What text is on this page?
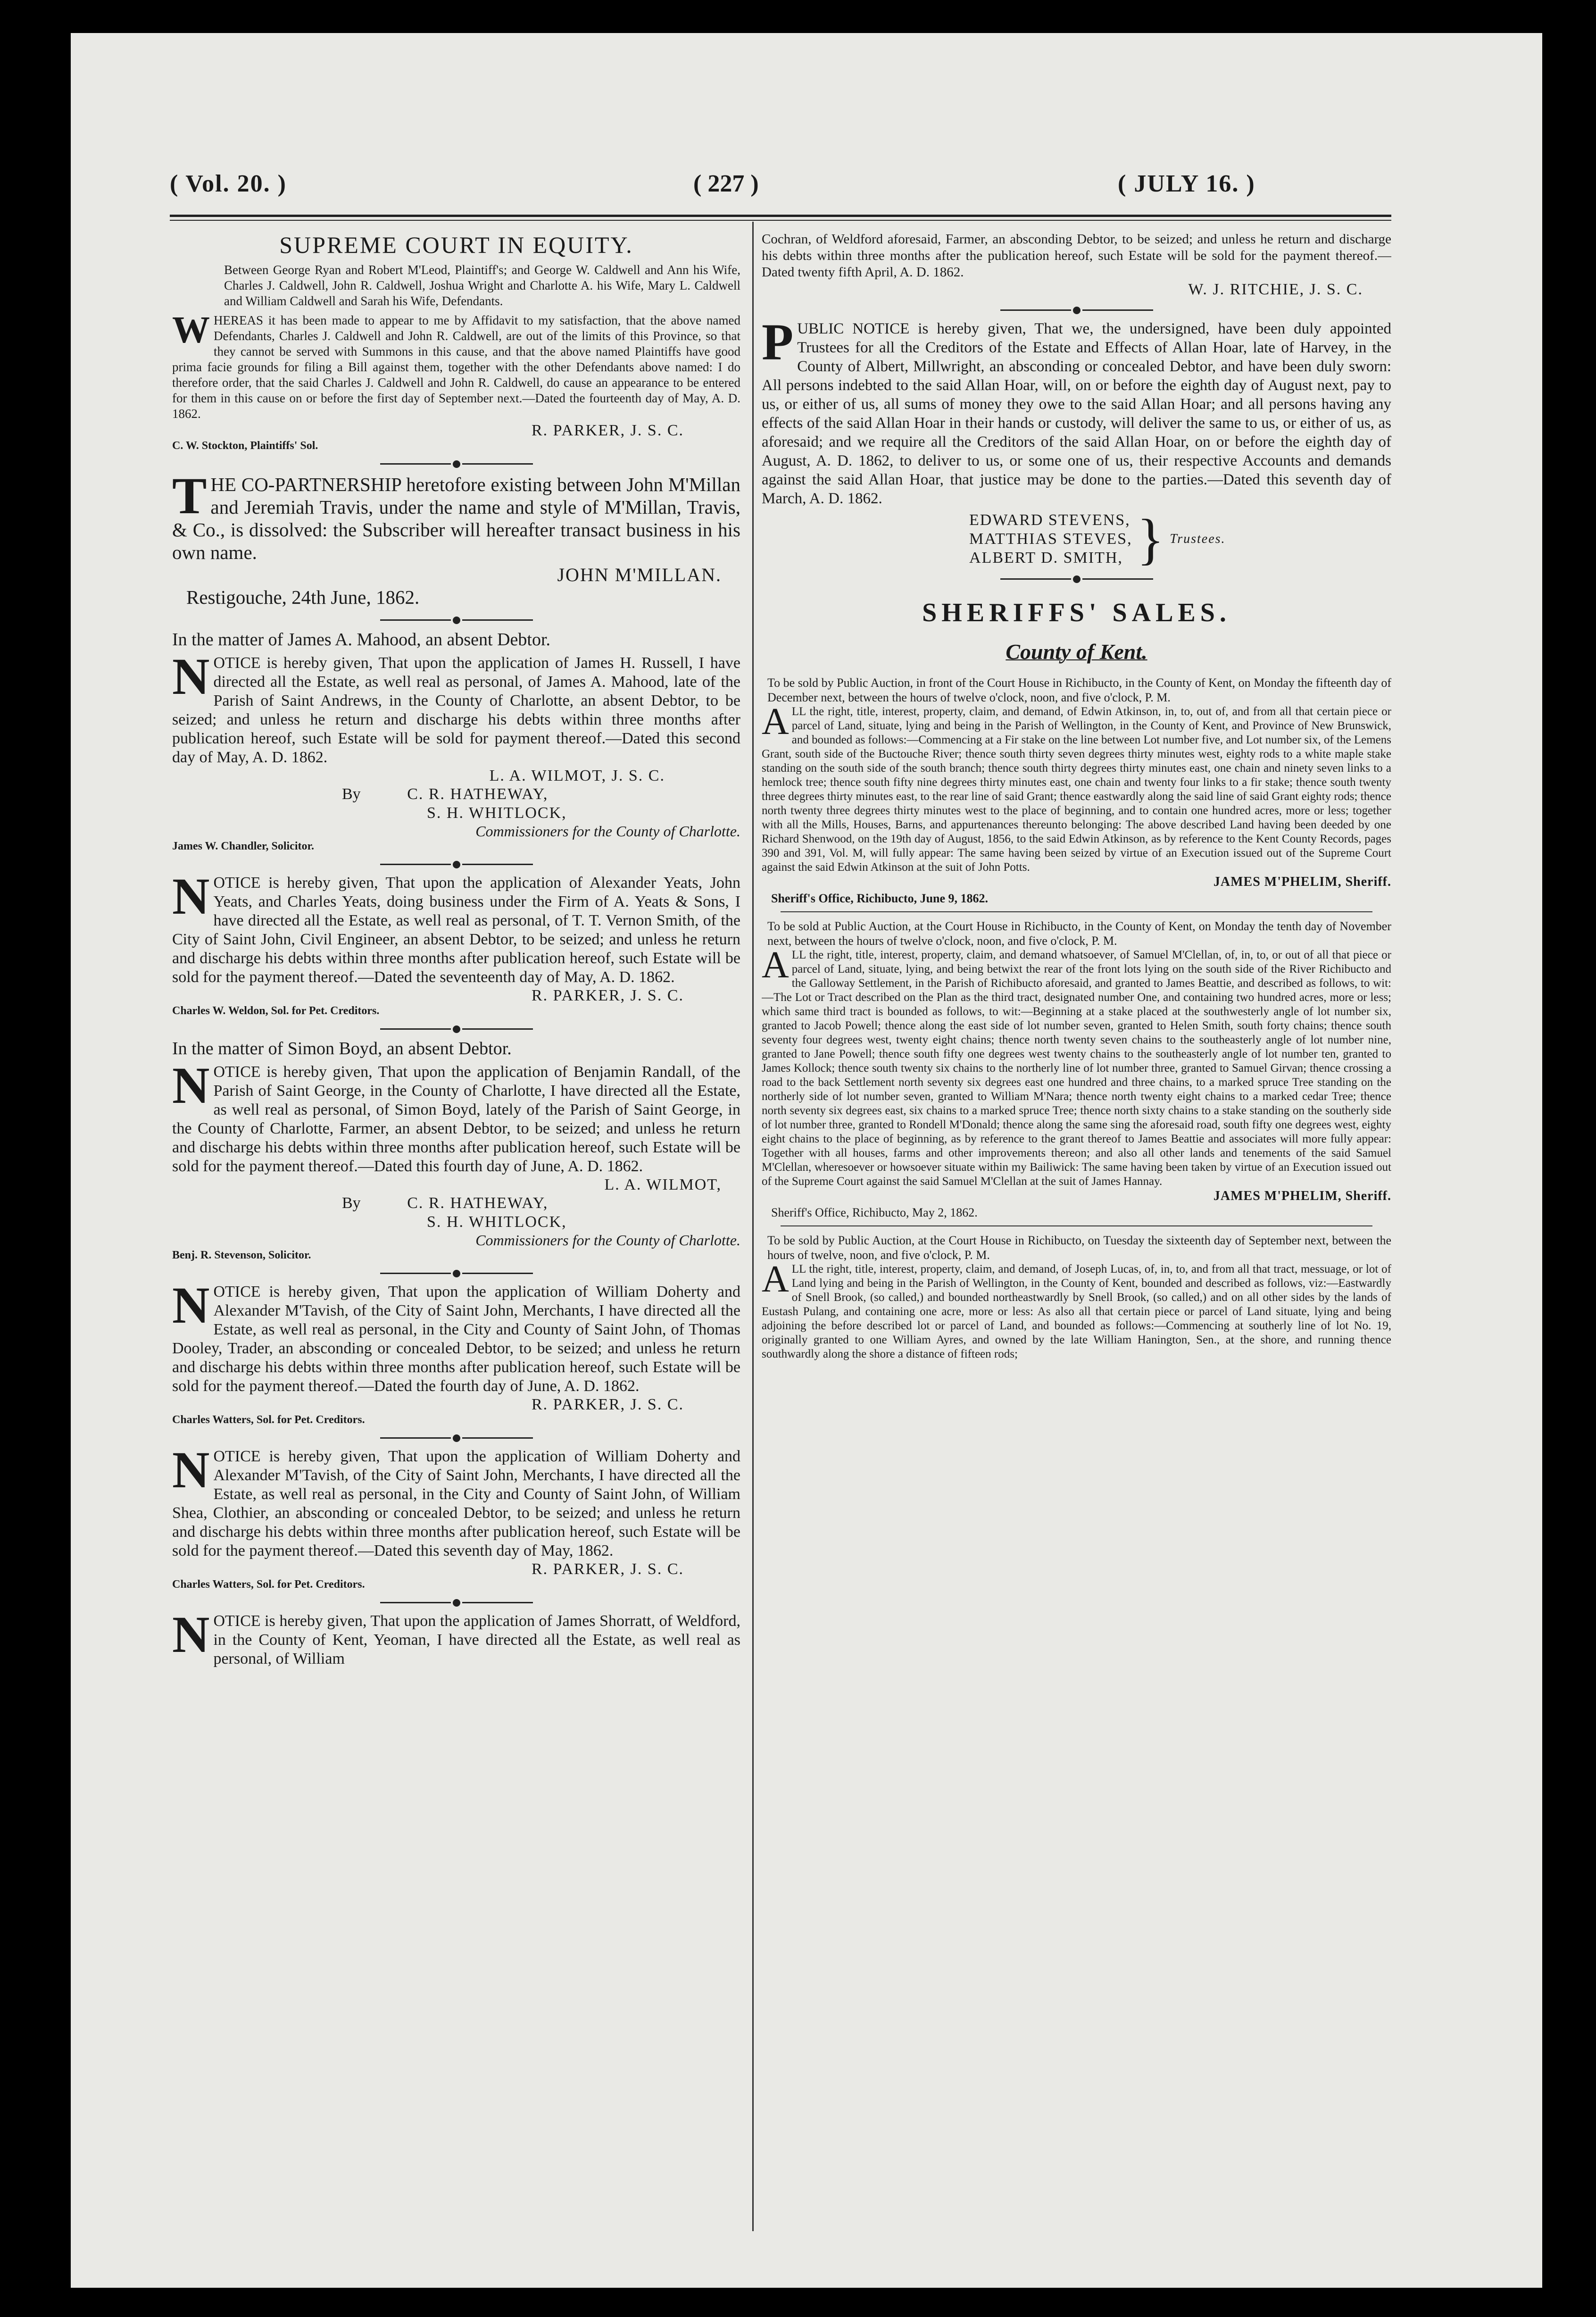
( Vol. 20. )	( 227 )	( JULY 16. )
SUPREME COURT IN EQUITY.
Between George Ryan and Robert M'Leod, Plaintiff's; and George W. Caldwell and Ann his Wife, Charles J. Caldwell, John R. Caldwell, Joshua Wright and Charlotte A. his Wife, Mary L. Caldwell and William Caldwell and Sarah his Wife, Defendants.
W HEREAS it has been made to appear to me by Affidavit to my satisfaction, that the above named Defendants, Charles J. Caldwell and John R. Caldwell, are out of the limits of this Province, so that they cannot be served with Summons in this cause, and that the above named Plaintiffs have good prima facie grounds for filing a Bill against them, together with the other Defendants above named: I do therefore order, that the said Charles J. Caldwell and John R. Caldwell, do cause an appearance to be entered for them in this cause on or before the first day of September next.—Dated the fourteenth day of May, A. D. 1862.
R. PARKER, J. S. C.
C. W. Stockton, Plaintiffs' Sol.
T HE CO-PARTNERSHIP heretofore existing between John M'Millan and Jeremiah Travis, under the name and style of M'Millan, Travis, & Co., is dissolved: the Subscriber will hereafter transact business in his own name.
JOHN M'MILLAN.
Restigouche, 24th June, 1862.
In the matter of James A. Mahood, an absent Debtor.
N OTICE is hereby given, That upon the application of James H. Russell, I have directed all the Estate, as well real as personal, of James A. Mahood, late of the Parish of Saint Andrews, in the County of Charlotte, an absent Debtor, to be seized; and unless he return and discharge his debts within three months after publication hereof, such Estate will be sold for payment thereof.—Dated this second day of May, A. D. 1862.
L. A. WILMOT, J. S. C.
By	C. R. HATHEWAY,
S. H. WHITLOCK,
Commissioners for the County of Charlotte.
James W. Chandler, Solicitor.
N OTICE is hereby given, That upon the application of Alexander Yeats, John Yeats, and Charles Yeats, doing business under the Firm of A. Yeats & Sons, I have directed all the Estate, as well real as personal, of T. T. Vernon Smith, of the City of Saint John, Civil Engineer, an absent Debtor, to be seized; and unless he return and discharge his debts within three months after publication hereof, such Estate will be sold for the payment thereof.—Dated the seventeenth day of May, A. D. 1862.
R. PARKER, J. S. C.
Charles W. Weldon, Sol. for Pet. Creditors.
In the matter of Simon Boyd, an absent Debtor.
N OTICE is hereby given, That upon the application of Benjamin Randall, of the Parish of Saint George, in the County of Charlotte, I have directed all the Estate, as well real as personal, of Simon Boyd, lately of the Parish of Saint George, in the County of Charlotte, Farmer, an absent Debtor, to be seized; and unless he return and discharge his debts within three months after publication hereof, such Estate will be sold for the payment thereof.—Dated this fourth day of June, A. D. 1862.
L. A. WILMOT,
By	C. R. HATHEWAY,
S. H. WHITLOCK,
Commissioners for the County of Charlotte.
Benj. R. Stevenson, Solicitor.
N OTICE is hereby given, That upon the application of William Doherty and Alexander M'Tavish, of the City of Saint John, Merchants, I have directed all the Estate, as well real as personal, in the City and County of Saint John, of Thomas Dooley, Trader, an absconding or concealed Debtor, to be seized; and unless he return and discharge his debts within three months after publication hereof, such Estate will be sold for the payment thereof.—Dated the fourth day of June, A. D. 1862.
R. PARKER, J. S. C.
Charles Watters, Sol. for Pet. Creditors.
N OTICE is hereby given, That upon the application of William Doherty and Alexander M'Tavish, of the City of Saint John, Merchants, I have directed all the Estate, as well real as personal, in the City and County of Saint John, of William Shea, Clothier, an absconding or concealed Debtor, to be seized; and unless he return and discharge his debts within three months after publication hereof, such Estate will be sold for the payment thereof.—Dated this seventh day of May, 1862.
R. PARKER, J. S. C.
Charles Watters, Sol. for Pet. Creditors.
N OTICE is hereby given, That upon the application of James Shorratt, of Weldford, in the County of Kent, Yeoman, I have directed all the Estate, as well real as personal, of William
Cochran, of Weldford aforesaid, Farmer, an absconding Debtor, to be seized; and unless he return and discharge his debts within three months after the publication hereof, such Estate will be sold for the payment thereof.—Dated twenty fifth April, A. D. 1862.
W. J. RITCHIE, J. S. C.
P UBLIC NOTICE is hereby given, That we, the undersigned, have been duly appointed Trustees for all the Creditors of the Estate and Effects of Allan Hoar, late of Harvey, in the County of Albert, Millwright, an absconding or concealed Debtor, and have been duly sworn: All persons indebted to the said Allan Hoar, will, on or before the eighth day of August next, pay to us, or either of us, all sums of money they owe to the said Allan Hoar; and all persons having any effects of the said Allan Hoar in their hands or custody, will deliver the same to us, or either of us, as aforesaid; and we require all the Creditors of the said Allan Hoar, on or before the eighth day of August, A. D. 1862, to deliver to us, or some one of us, their respective Accounts and demands against the said Allan Hoar, that justice may be done to the parties.—Dated this seventh day of March, A. D. 1862.
EDWARD STEVENS,
MATTHIAS STEVES,
ALBERT D. SMITH, } Trustees.
SHERIFFS' SALES.
County of Kent.
To be sold by Public Auction, in front of the Court House in Richibucto, in the County of Kent, on Monday the fifteenth day of December next, between the hours of twelve o'clock, noon, and five o'clock, P. M.
A LL the right, title, interest, property, claim, and demand, of Edwin Atkinson, in, to, out of, and from all that certain piece or parcel of Land, situate, lying and being in the Parish of Wellington, in the County of Kent, and Province of New Brunswick, and bounded as follows:—Commencing at a Fir stake on the line between Lot number five, and Lot number six, of the Lemens Grant, south side of the Buctouche River; thence south thirty seven degrees thirty minutes west, eighty rods to a white maple stake standing on the south side of the south branch; thence south thirty degrees thirty minutes east, one chain and ninety seven links to a hemlock tree; thence south fifty nine degrees thirty minutes east, one chain and twenty four links to a fir stake; thence south twenty three degrees thirty minutes east, to the rear line of said Grant; thence eastwardly along the said line of said Grant eighty rods; thence north twenty three degrees thirty minutes west to the place of beginning, and to contain one hundred acres, more or less; together with all the Mills, Houses, Barns, and appurtenances thereunto belonging: The above described Land having been deeded by one Richard Shenwood, on the 19th day of August, 1856, to the said Edwin Atkinson, as by reference to the Kent County Records, pages 390 and 391, Vol. M, will fully appear: The same having been seized by virtue of an Execution issued out of the Supreme Court against the said Edwin Atkinson at the suit of John Potts.
JAMES M'PHELIM, Sheriff.
Sheriff's Office, Richibucto, June 9, 1862.
To be sold at Public Auction, at the Court House in Richibucto, in the County of Kent, on Monday the tenth day of November next, between the hours of twelve o'clock, noon, and five o'clock, P. M.
A LL the right, title, interest, property, claim, and demand whatsoever, of Samuel M'Clellan, of, in, to, or out of all that piece or parcel of Land, situate, lying, and being betwixt the rear of the front lots lying on the south side of the River Richibucto and the Galloway Settlement, in the Parish of Richibucto aforesaid, and granted to James Beattie, and described as follows, to wit:—The Lot or Tract described on the Plan as the third tract, designated number One, and containing two hundred acres, more or less; which same third tract is bounded as follows, to wit:—Beginning at a stake placed at the southwesterly angle of lot number six, granted to Jacob Powell; thence along the east side of lot number seven, granted to Helen Smith, south forty chains; thence south seventy four degrees west, twenty eight chains; thence north twenty seven chains to the southeasterly angle of lot number nine, granted to Jane Powell; thence south fifty one degrees west twenty chains to the southeasterly angle of lot number ten, granted to James Kollock; thence south twenty six chains to the northerly line of lot number three, granted to Samuel Girvan; thence crossing a road to the back Settlement north seventy six degrees east one hundred and three chains, to a marked spruce Tree standing on the northerly side of lot number seven, granted to William M'Nara; thence north twenty eight chains to a marked cedar Tree; thence north seventy six degrees east, six chains to a marked spruce Tree; thence north sixty chains to a stake standing on the southerly side of lot number three, granted to Rondell M'Donald; thence along the same sing the aforesaid road, south fifty one degrees west, eighty eight chains to the place of beginning, as by reference to the grant thereof to James Beattie and associates will more fully appear: Together with all houses, farms and other improvements thereon; and also all other lands and tenements of the said Samuel M'Clellan, wheresoever or howsoever situate within my Bailiwick: The same having been taken by virtue of an Execution issued out of the Supreme Court against the said Samuel M'Clellan at the suit of James Hannay.
JAMES M'PHELIM, Sheriff.
Sheriff's Office, Richibucto, May 2, 1862.
To be sold by Public Auction, at the Court House in Richibucto, on Tuesday the sixteenth day of September next, between the hours of twelve, noon, and five o'clock, P. M.
A LL the right, title, interest, property, claim, and demand, of Joseph Lucas, of, in, to, and from all that tract, messuage, or lot of Land lying and being in the Parish of Wellington, in the County of Kent, bounded and described as follows, viz:—Eastwardly of Snell Brook, (so called,) and bounded northeastwardly by Snell Brook, (so called,) and on all other sides by the lands of Eustash Pulang, and containing one acre, more or less: As also all that certain piece or parcel of Land situate, lying and being adjoining the before described lot or parcel of Land, and bounded as follows:—Commencing at southerly line of lot No. 19, originally granted to one William Ayres, and owned by the late William Hanington, Sen., at the shore, and running thence southwardly along the shore a distance of fifteen rods;
